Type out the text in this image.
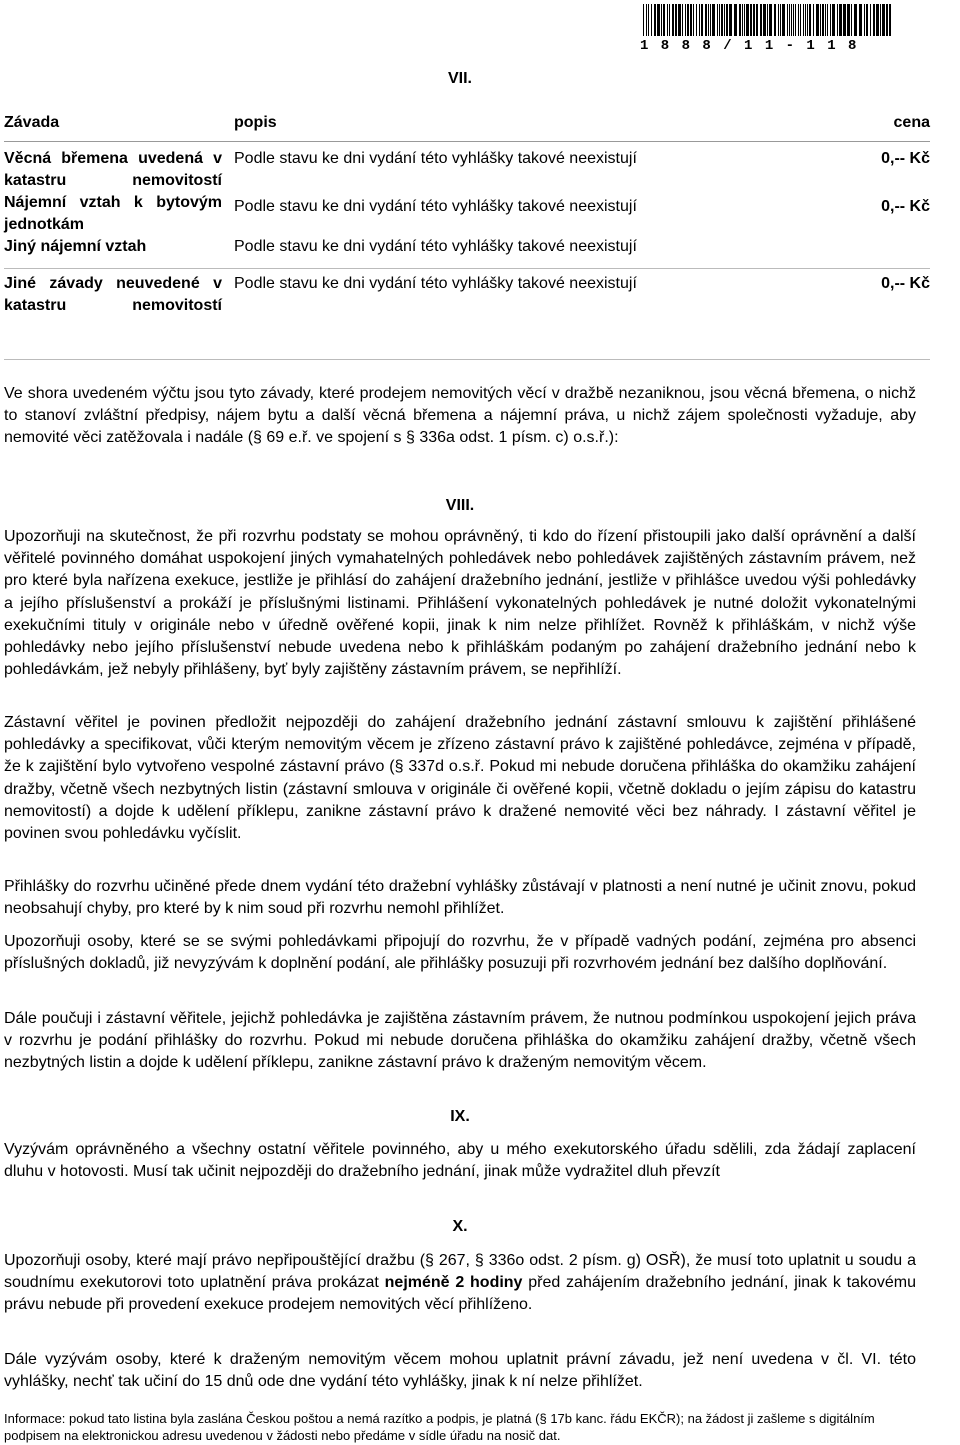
1 8 8 8 / 1 1 - 1 1 8
VII.
Závada	popis	cena
Věcná břemena uvedená v katastru nemovitostí	Podle stavu ke dni vydání této vyhlášky takové neexistují	0,-- Kč
Nájemní vztah k bytovým jednotkám	Podle stavu ke dni vydání této vyhlášky takové neexistují	0,-- Kč
Jiný nájemní vztah	Podle stavu ke dni vydání této vyhlášky takové neexistují	
Jiné závady neuvedené v katastru nemovitostí	Podle stavu ke dni vydání této vyhlášky takové neexistují	0,-- Kč

Ve shora uvedeném výčtu jsou tyto závady, které prodejem nemovitých věcí v dražbě nezaniknou, jsou věcná břemena, o nichž to stanoví zvláštní předpisy, nájem bytu a další věcná břemena a nájemní práva, u nichž zájem společnosti vyžaduje, aby nemovité věci zatěžovala i nadále (§ 69 e.ř. ve spojení s § 336a odst. 1 písm. c) o.s.ř.):

VIII.

Upozorňuji na skutečnost, že při rozvrhu podstaty se mohou oprávněný, ti kdo do řízení přistoupili jako další oprávnění a další věřitelé povinného domáhat uspokojení jiných vymahatelných pohledávek nebo pohledávek zajištěných zástavním právem, než pro které byla nařízena exekuce, jestliže je přihlásí do zahájení dražebního jednání, jestliže v přihlášce uvedou výši pohledávky a jejího příslušenství a prokáží je příslušnými listinami. Přihlášení vykonatelných pohledávek je nutné doložit vykonatelnými exekučními tituly v originále nebo v úředně ověřené kopii, jinak k nim nelze přihlížet. Rovněž k přihláškám, v nichž výše pohledávky nebo jejího příslušenství nebude uvedena nebo k přihláškám podaným po zahájení dražebního jednání nebo k pohledávkám, jež nebyly přihlášeny, byť byly zajištěny zástavním právem, se nepřihlíží.

Zástavní věřitel je povinen předložit nejpozději do zahájení dražebního jednání zástavní smlouvu k zajištění přihlášené pohledávky a specifikovat, vůči kterým nemovitým věcem je zřízeno zástavní právo k zajištěné pohledávce, zejména v případě, že k zajištění bylo vytvořeno vespolné zástavní právo (§ 337d o.s.ř. Pokud mi nebude doručena přihláška do okamžiku zahájení dražby, včetně všech nezbytných listin (zástavní smlouva v originále či ověřené kopii, včetně dokladu o jejím zápisu do katastru nemovitostí) a dojde k udělení příklepu, zanikne zástavní právo k dražené nemovité věci bez náhrady. I zástavní věřitel je povinen svou pohledávku vyčíslit.

Přihlášky do rozvrhu učiněné přede dnem vydání této dražební vyhlášky zůstávají v platnosti a není nutné je učinit znovu, pokud neobsahují chyby, pro které by k nim soud při rozvrhu nemohl přihlížet.

Upozorňuji osoby, které se se svými pohledávkami připojují do rozvrhu, že v případě vadných podání, zejména pro absenci příslušných dokladů, již nevyzývám k doplnění podání, ale přihlášky posuzuji při rozvrhovém jednání bez dalšího doplňování.

Dále poučuji i zástavní věřitele, jejichž pohledávka je zajištěna zástavním právem, že nutnou podmínkou uspokojení jejich práva v rozvrhu je podání přihlášky do rozvrhu. Pokud mi nebude doručena přihláška do okamžiku zahájení dražby, včetně všech nezbytných listin a dojde k udělení příklepu, zanikne zástavní právo k draženým nemovitým věcem.

IX.

Vyzývám oprávněného a všechny ostatní věřitele povinného, aby u mého exekutorského úřadu sdělili, zda žádají zaplacení dluhu v hotovosti. Musí tak učinit nejpozději do dražebního jednání, jinak může vydražitel dluh převzít

X.

Upozorňuji osoby, které mají právo nepřipouštějící dražbu (§ 267, § 336o odst. 2 písm. g) OSŘ), že musí toto uplatnit u soudu a soudnímu exekutorovi toto uplatnění práva prokázat nejméně 2 hodiny před zahájením dražebního jednání, jinak k takovému právu nebude při provedení exekuce prodejem nemovitých věcí přihlíženo.

Dále vyzývám osoby, které k draženým nemovitým věcem mohou uplatnit právní závadu, jež není uvedena v čl. VI. této vyhlášky, nechť tak učiní do 15 dnů ode dne vydání této vyhlášky, jinak k ní nelze přihlížet.

Informace: pokud tato listina byla zaslána Českou poštou a nemá razítko a podpis, je platná (§ 17b kanc. řádu EKČR); na žádost ji zašleme s digitálním podpisem na elektronickou adresu uvedenou v žádosti nebo předáme v sídle úřadu na nosič dat.
